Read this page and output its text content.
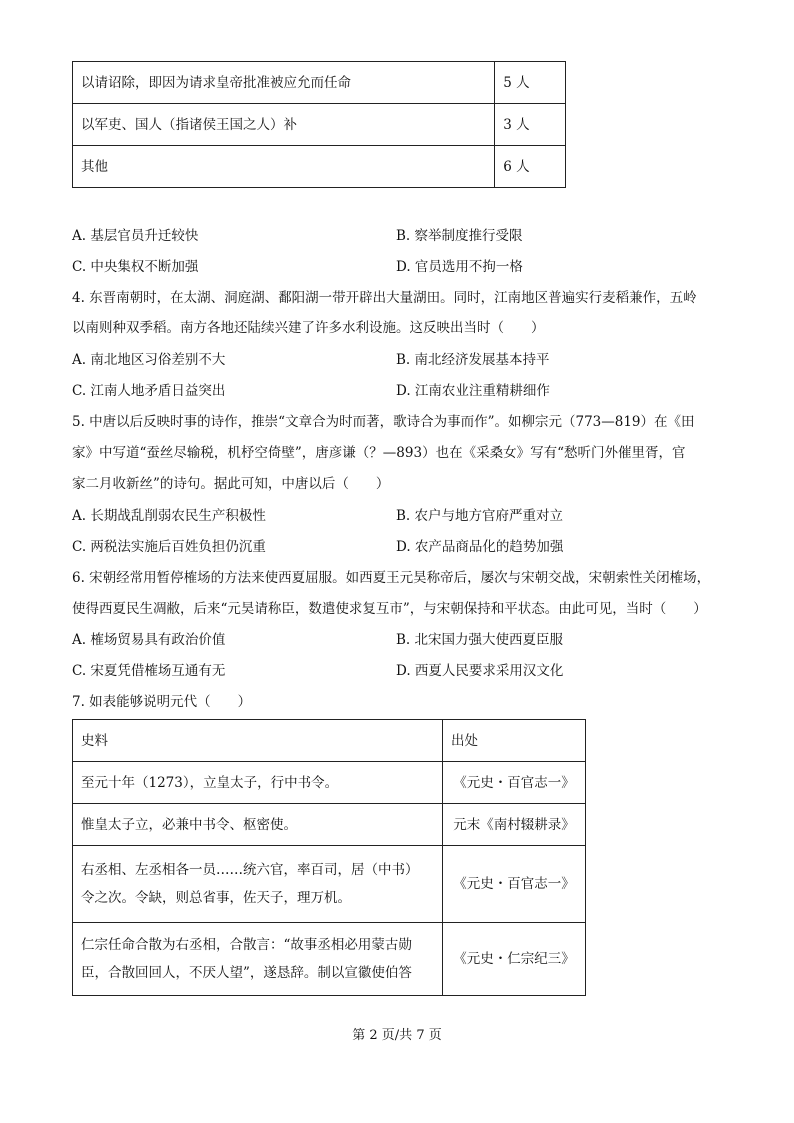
以请诏除，即因为请求皇帝批准被应允而任命	5 人
以军吏、国人（指诸侯王国之人）补	3 人
其他	6 人
A. 基层官员升迁较快	B. 察举制度推行受限
C. 中央集权不断加强	D. 官员选用不拘一格
4. 东晋南朝时，在太湖、洞庭湖、鄱阳湖一带开辟出大量湖田。同时，江南地区普遍实行麦稻兼作，五岭
以南则种双季稻。南方各地还陆续兴建了许多水利设施。这反映出当时（　　）
A. 南北地区习俗差别不大	B. 南北经济发展基本持平
C. 江南人地矛盾日益突出	D. 江南农业注重精耕细作
5. 中唐以后反映时事的诗作，推崇“文章合为时而著，歌诗合为事而作”。如柳宗元（773—819）在《田
家》中写道“蚕丝尽输税，机杼空倚壁”，唐彦谦（？—893）也在《采桑女》写有“愁听门外催里胥，官
家二月收新丝”的诗句。据此可知，中唐以后（　　）
A. 长期战乱削弱农民生产积极性	B. 农户与地方官府严重对立
C. 两税法实施后百姓负担仍沉重	D. 农产品商品化的趋势加强
6. 宋朝经常用暂停榷场的方法来使西夏屈服。如西夏王元昊称帝后，屡次与宋朝交战，宋朝索性关闭榷场，
使得西夏民生凋敝，后来“元昊请称臣，数遣使求复互市”，与宋朝保持和平状态。由此可见，当时（　　）
A. 榷场贸易具有政治价值	B. 北宋国力强大使西夏臣服
C. 宋夏凭借榷场互通有无	D. 西夏人民要求采用汉文化
7. 如表能够说明元代（　　）
史料	出处
至元十年（1273），立皇太子，行中书令。	《元史・百官志一》
惟皇太子立，必兼中书令、枢密使。	元末《南村辍耕录》

右丞相、左丞相各一员……统六官，率百司，居（中书）
令之次。令缺，则总省事，佐天子，理万机。	《元史・百官志一》

仁宗任命合散为右丞相，合散言：“故事丞相必用蒙古勋
臣，合散回回人，不厌人望”，遂恳辞。制以宣徽使伯答	《元史・仁宗纪三》
第 2 页/共 7 页
